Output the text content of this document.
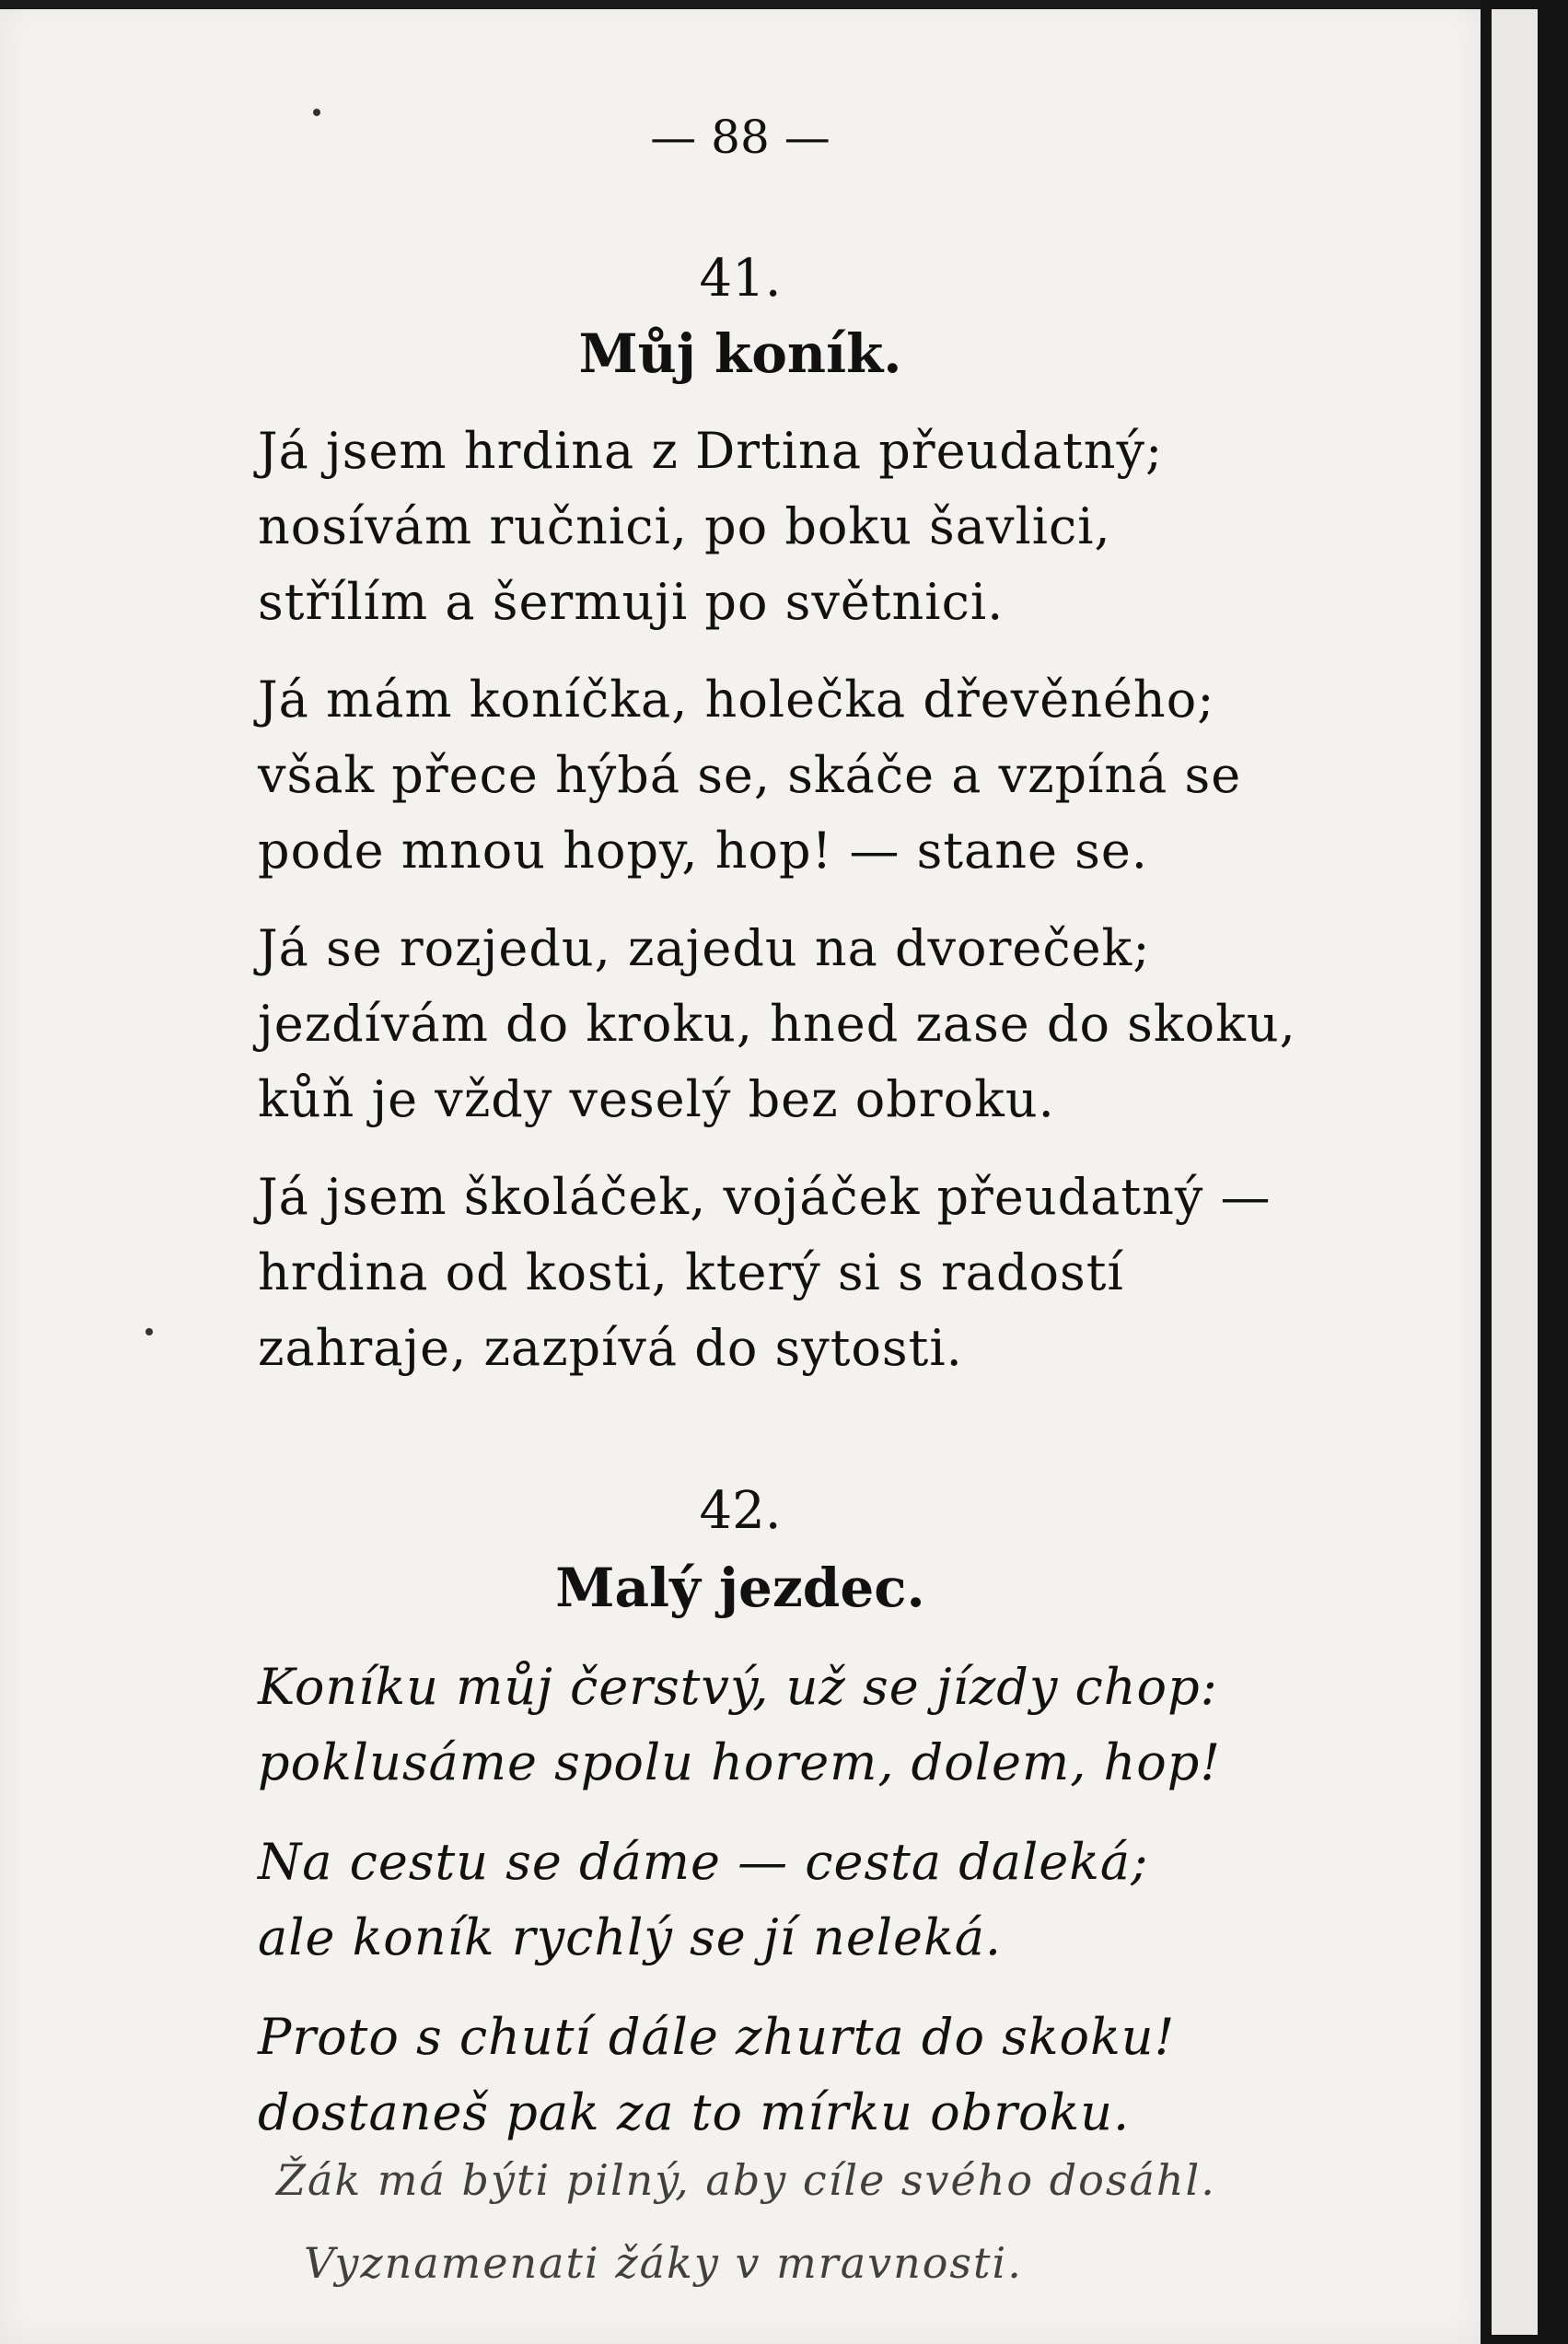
— 88 —
41.
Můj koník.
Já jsem hrdina z Drtina přeudatný;
nosívám ručnici, po boku šavlici,
střílím a šermuji po světnici.
Já mám koníčka, holečka dřevěného;
však přece hýbá se, skáče a vzpíná se
pode mnou hopy, hop! — stane se.
Já se rozjedu, zajedu na dvoreček;
jezdívám do kroku, hned zase do skoku,
kůň je vždy veselý bez obroku.
Já jsem školáček, vojáček přeudatný —
hrdina od kosti, který si s radostí
zahraje, zazpívá do sytosti.
42.
Malý jezdec.
Koníku můj čerstvý, už se jízdy chop:
poklusáme spolu horem, dolem, hop!
Na cestu se dáme — cesta daleká;
ale koník rychlý se jí neleká.
Proto s chutí dále zhurta do skoku!
dostaneš pak za to mírku obroku.
Žák má býti pilný, aby cíle svého dosáhl.
Vyznamenati žáky v mravnosti.
